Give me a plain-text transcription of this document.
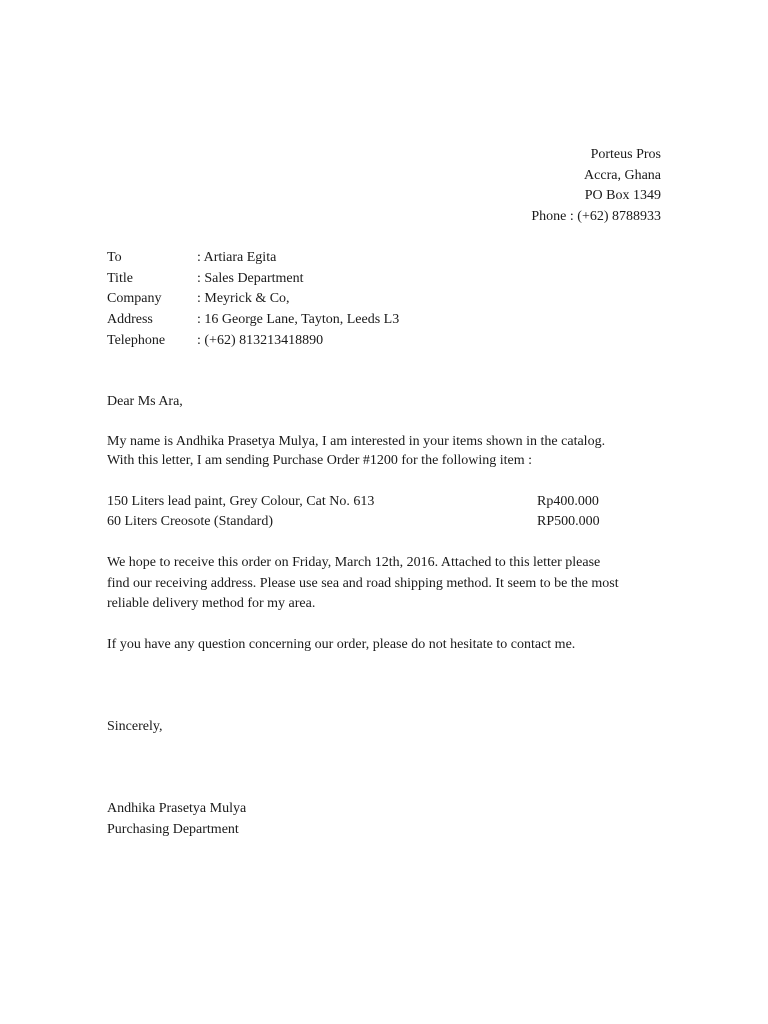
Porteus Pros
Accra, Ghana
PO Box 1349
Phone : (+62) 8788933
To	: Artiara Egita
Title	: Sales Department
Company	: Meyrick & Co,
Address	: 16 George Lane, Tayton, Leeds L3
Telephone	: (+62) 813213418890
Dear Ms Ara,
My name is Andhika Prasetya Mulya, I am interested in your items shown in the catalog.
With this letter, I am sending Purchase Order #1200 for the following item :
150 Liters lead paint, Grey Colour, Cat No. 613	Rp400.000
60 Liters Creosote (Standard)	RP500.000
We hope to receive this order on Friday, March 12th, 2016. Attached to this letter please
find our receiving address. Please use sea and road shipping method. It seem to be the most
reliable delivery method for my area.
If you have any question concerning our order, please do not hesitate to contact me.
Sincerely,
Andhika Prasetya Mulya
Purchasing Department
